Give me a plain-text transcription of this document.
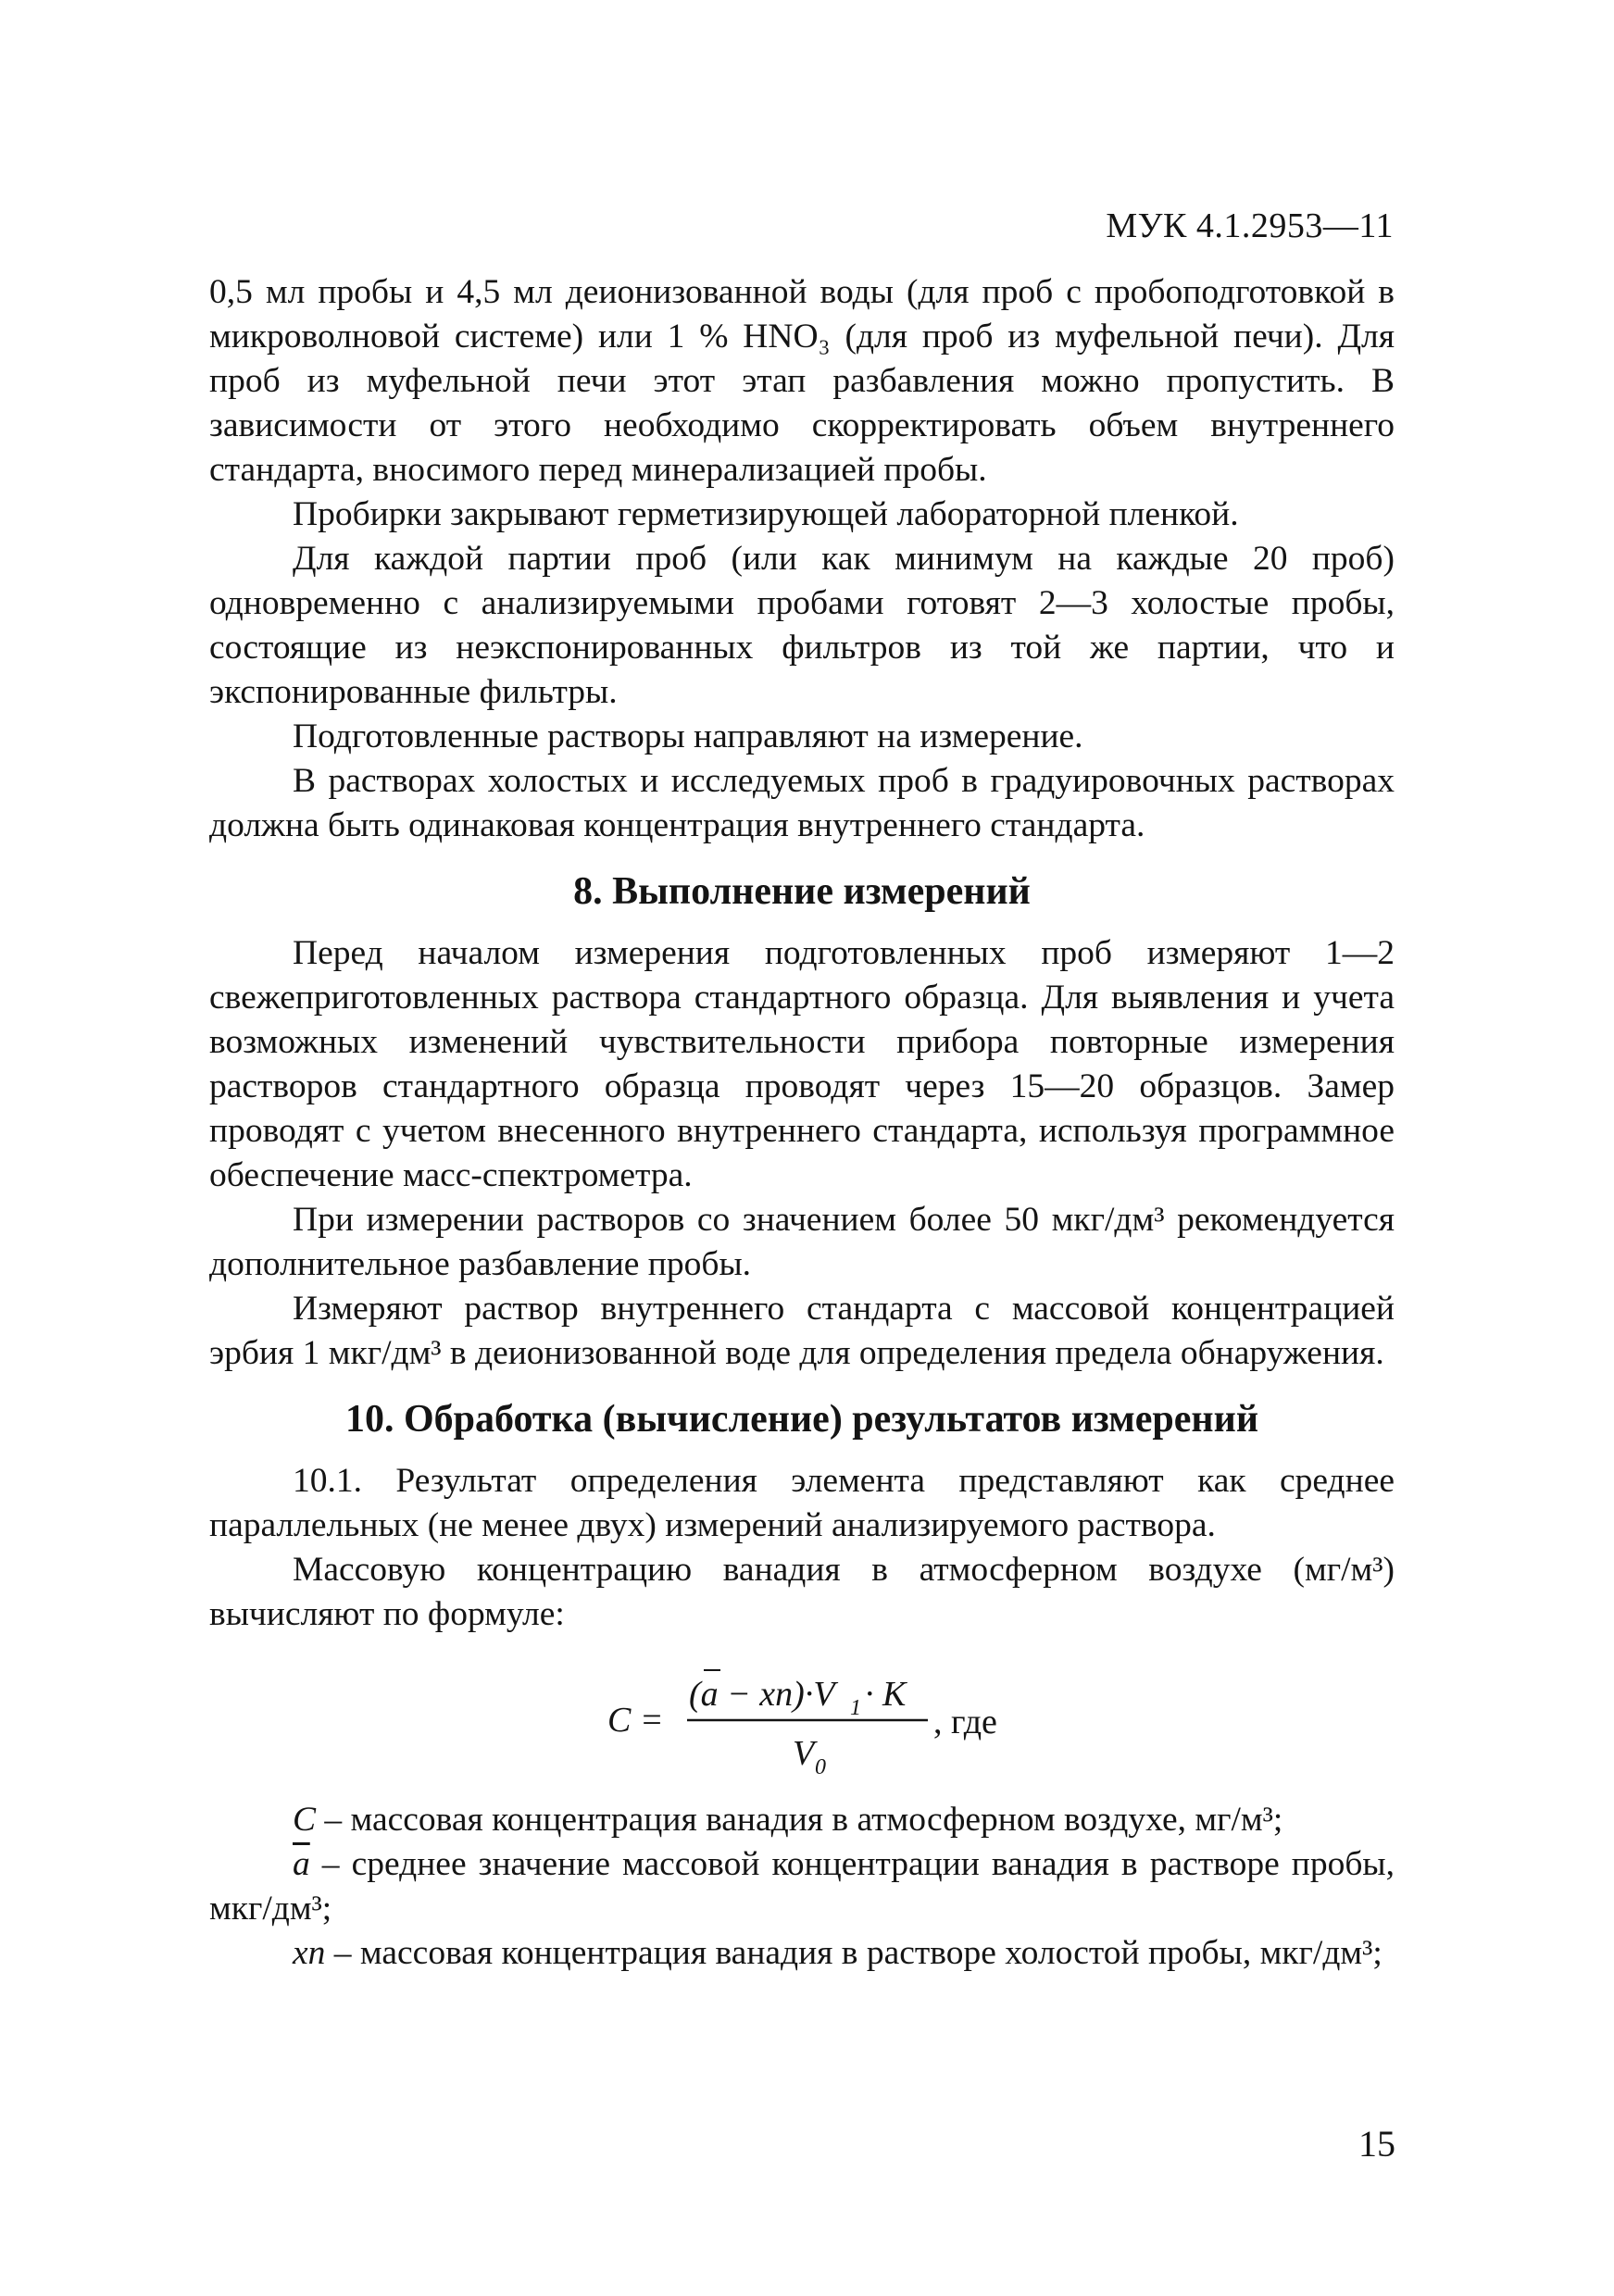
МУК 4.1.2953—11

0,5 мл пробы и 4,5 мл деионизованной воды (для проб с пробоподготовкой в микроволновой системе) или 1 % HNO₃ (для проб из муфельной печи). Для проб из муфельной печи этот этап разбавления можно пропустить. В зависимости от этого необходимо скорректировать объем внутреннего стандарта, вносимого перед минерализацией пробы.

Пробирки закрывают герметизирующей лабораторной пленкой.

Для каждой партии проб (или как минимум на каждые 20 проб) одновременно с анализируемыми пробами готовят 2—3 холостые пробы, состоящие из неэкспонированных фильтров из той же партии, что и экспонированные фильтры.

Подготовленные растворы направляют на измерение.

В растворах холостых и исследуемых проб в градуировочных растворах должна быть одинаковая концентрация внутреннего стандарта.

8. Выполнение измерений

Перед началом измерения подготовленных проб измеряют 1—2 свежеприготовленных раствора стандартного образца. Для выявления и учета возможных изменений чувствительности прибора повторные измерения растворов стандартного образца проводят через 15—20 образцов. Замер проводят с учетом внесенного внутреннего стандарта, используя программное обеспечение масс-спектрометра.

При измерении растворов со значением более 50 мкг/дм³ рекомендуется дополнительное разбавление пробы.

Измеряют раствор внутреннего стандарта с массовой концентрацией эрбия 1 мкг/дм³ в деионизованной воде для определения предела обнаружения.

10. Обработка (вычисление) результатов измерений

10.1. Результат определения элемента представляют как среднее параллельных (не менее двух) измерений анализируемого раствора.

Массовую концентрацию ванадия в атмосферном воздухе (мг/м³) вычисляют по формуле:

C =
(a − xn)·V 1 · K
V 0
, где

C – массовая концентрация ванадия в атмосферном воздухе, мг/м³;

$\overline{a}$ – среднее значение массовой концентрации ванадия в растворе пробы, мкг/дм³;

xn – массовая концентрация ванадия в растворе холостой пробы, мкг/дм³;

15
